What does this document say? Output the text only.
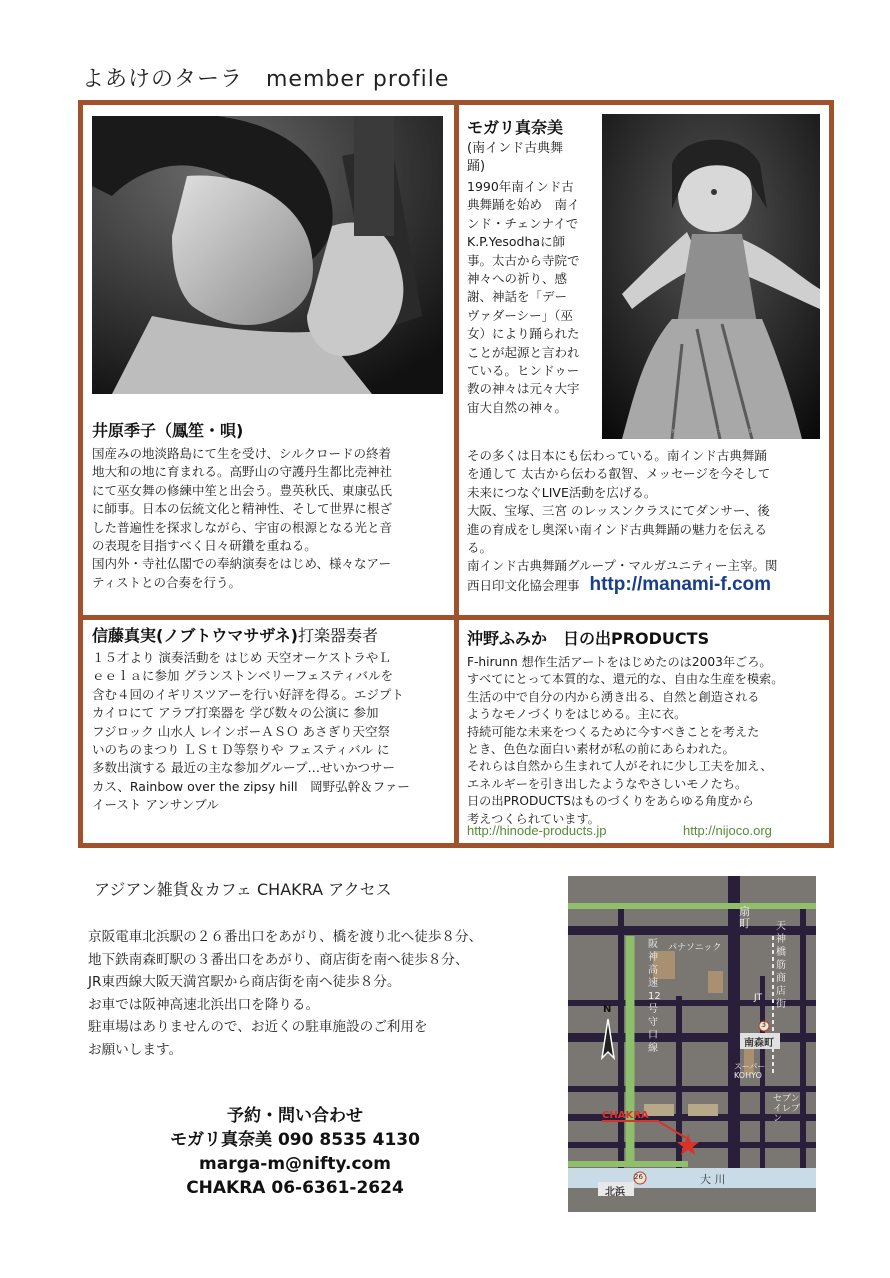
よあけのターラ　member profile
井原季子（鳳笙・唄)
国産みの地淡路島にて生を受け、シルクロードの終着
地大和の地に育まれる。高野山の守護丹生都比売神社
にて巫女舞の修練中笙と出会う。豊英秋氏、東康弘氏
に師事。日本の伝統文化と精神性、そして世界に根ざ
した普遍性を探求しながら、宇宙の根源となる光と音
の表現を目指すべく日々研鑽を重ねる。
国内外・寺社仏閣での奉納演奏をはじめ、様々なアー
ティストとの合奏を行う。
モガリ真奈美
(南インド古典舞
踊)
1990年南インド古
典舞踊を始め　南イ
ンド・チェンナイで
K.P.Yesodhaに師
事。太古から寺院で
神々への祈り、感
謝、神話を「デー
ヴァダーシー」（巫
女）により踊られた
ことが起源と言われ
ている。ヒンドゥー
教の神々は元々大宇
宙大自然の神々。
Copyright © 2013 O's Studio All Rights Reserved.
その多くは日本にも伝わっている。南インド古典舞踊
を通して 太古から伝わる叡智、メッセージを今そして
未来につなぐLIVE活動を広げる。
大阪、宝塚、三宮 のレッスンクラスにてダンサー、後
進の育成をし奥深い南インド古典舞踊の魅力を伝える
る。
南インド古典舞踊グループ・マルガユニティー主宰。関
西日印文化協会理事 http://manami-f.com
信藤真実(ノブトウマサザネ)打楽器奏者
１５才より 演奏活動を はじめ 天空オーケストラやＬ
ｅｅｌａに参加 グランストンベリーフェスティバルを
含む４回のイギリスツアーを行い好評を得る。エジプト
カイロにて アラブ打楽器を 学び数々の公演に 参加
フジロック 山水人 レインボーＡＳＯ あさぎり天空祭
いのちのまつり ＬＳｔＤ等祭りや フェスティバル に
多数出演する 最近の主な参加グループ…せいかつサー
カス、Rainbow over the zipsy hill　岡野弘幹＆ファー
イースト アンサンブル
沖野ふみか　日の出PRODUCTS
F-hirunn 想作生活アートをはじめたのは2003年ごろ。
すべてにとって本質的な、還元的な、自由な生産を模索。
生活の中で自分の内から湧き出る、自然と創造される
ようなモノづくりをはじめる。主に衣。
持続可能な未来をつくるために今すべきことを考えた
とき、色色な面白い素材が私の前にあらわれた。
それらは自然から生まれて人がそれに少し工夫を加え、
エネルギーを引き出したようなやさしいモノたち。
日の出PRODUCTSはものづくりをあらゆる角度から
考えつくられています。
http://hinode-products.jp	http://nijoco.org
アジアン雑貨＆カフェ CHAKRA アクセス
京阪電車北浜駅の２６番出口をあがり、橋を渡り北へ徒歩８分、
地下鉄南森町駅の３番出口をあがり、商店街を南へ徒歩８分、
JR東西線大阪天満宮駅から商店街を南へ徒歩８分。
お車では阪神高速北浜出口を降りる。
駐車場はありませんので、お近くの駐車施設のご利用を
お願いします。
予約・問い合わせ
モガリ真奈美 090 8535 4130
marga-m@nifty.com
CHAKRA 06-6361-2624
扇町
阪神高速12号守口線
天神橋筋商店街
パナソニック
JT
3
南森町
スーパーKOHYO
セブンイレブン
CHAKRA
大 川
北浜
26
N
